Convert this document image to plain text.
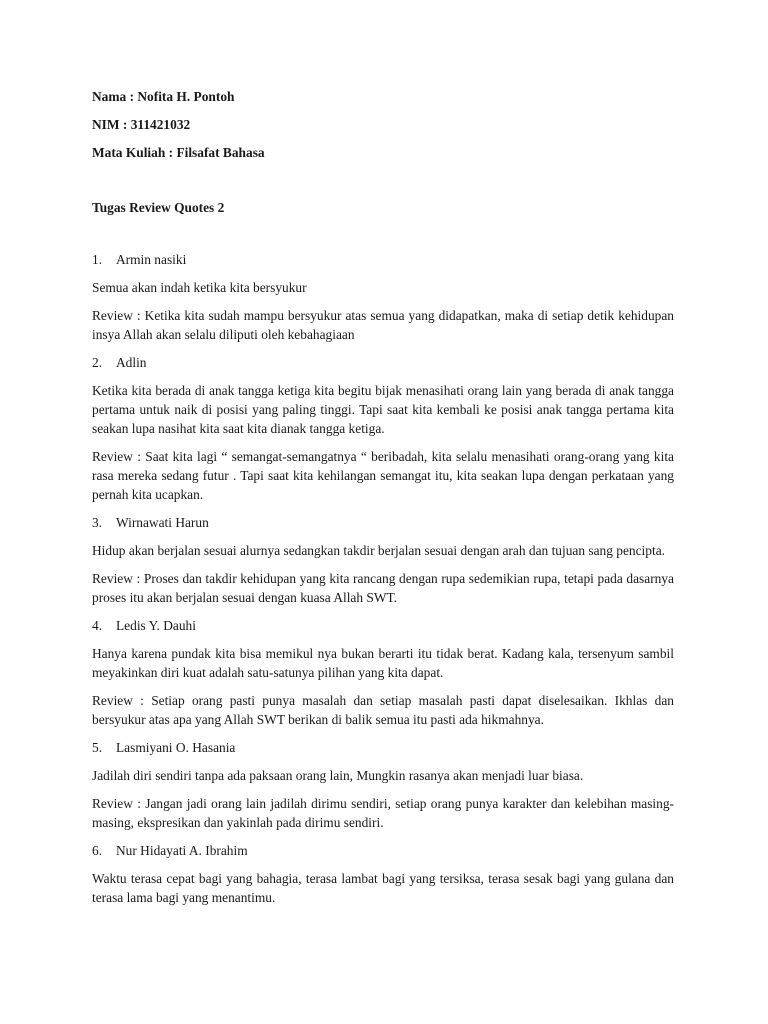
Nama : Nofita H. Pontoh
NIM : 311421032
Mata Kuliah : Filsafat Bahasa
Tugas Review Quotes 2
1.	Armin nasiki
Semua akan indah ketika kita bersyukur
Review : Ketika kita sudah mampu bersyukur atas semua yang didapatkan, maka di setiap detik kehidupan insya Allah akan selalu diliputi oleh kebahagiaan
2.	Adlin
Ketika kita berada di anak tangga ketiga kita begitu bijak menasihati orang lain yang berada di anak tangga pertama untuk naik di posisi yang paling tinggi. Tapi saat kita kembali ke posisi anak tangga pertama kita seakan lupa nasihat kita saat kita dianak tangga ketiga.
Review : Saat kita lagi “ semangat-semangatnya “ beribadah, kita selalu menasihati orang-orang yang kita rasa mereka sedang futur . Tapi saat kita kehilangan semangat itu, kita seakan lupa dengan perkataan yang pernah kita ucapkan.
3.	Wirnawati Harun
Hidup akan berjalan sesuai alurnya sedangkan takdir berjalan sesuai dengan arah dan tujuan sang pencipta.
Review : Proses dan takdir kehidupan yang kita rancang dengan rupa sedemikian rupa, tetapi pada dasarnya proses itu akan berjalan sesuai dengan kuasa Allah SWT.
4.	Ledis Y. Dauhi
Hanya karena pundak kita bisa memikul nya bukan berarti itu tidak berat. Kadang kala, tersenyum sambil meyakinkan diri kuat adalah satu-satunya pilihan yang kita dapat.
Review : Setiap orang pasti punya masalah dan setiap masalah pasti dapat diselesaikan. Ikhlas dan bersyukur atas apa yang Allah SWT berikan di balik semua itu pasti ada hikmahnya.
5.	Lasmiyani O. Hasania
Jadilah diri sendiri tanpa ada paksaan orang lain, Mungkin rasanya akan menjadi luar biasa.
Review : Jangan jadi orang lain jadilah dirimu sendiri, setiap orang punya karakter dan kelebihan masing-masing, ekspresikan dan yakinlah pada dirimu sendiri.
6.	Nur Hidayati A. Ibrahim
Waktu terasa cepat bagi yang bahagia, terasa lambat bagi yang tersiksa, terasa sesak bagi yang gulana dan terasa lama bagi yang menantimu.
